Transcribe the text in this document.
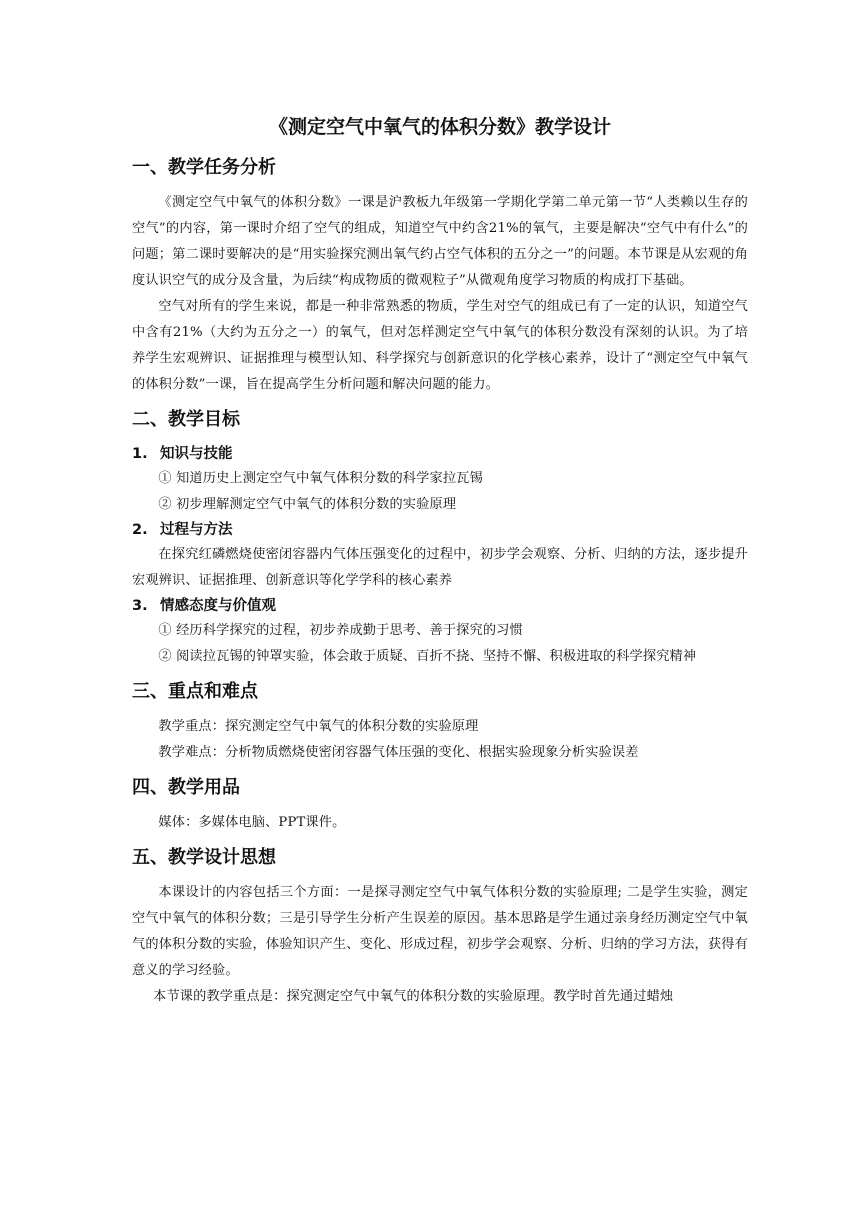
《测定空气中氧气的体积分数》教学设计
一、教学任务分析

《测定空气中氧气的体积分数》一课是沪教板九年级第一学期化学第二单元第一节“人类赖以生存的空气”的内容，第一课时介绍了空气的组成，知道空气中约含21%的氧气，主要是解决“空气中有什么”的问题；第二课时要解决的是“用实验探究测出氧气约占空气体积的五分之一”的问题。本节课是从宏观的角度认识空气的成分及含量，为后续“构成物质的微观粒子”从微观角度学习物质的构成打下基础。

空气对所有的学生来说，都是一种非常熟悉的物质，学生对空气的组成已有了一定的认识，知道空气中含有21%（大约为五分之一）的氧气，但对怎样测定空气中氧气的体积分数没有深刻的认识。为了培养学生宏观辨识、证据推理与模型认知、科学探究与创新意识的化学核心素养，设计了“测定空气中氧气的体积分数”一课，旨在提高学生分析问题和解决问题的能力。

二、教学目标
1. 知识与技能

① 知道历史上测定空气中氧气体积分数的科学家拉瓦锡

② 初步理解测定空气中氧气的体积分数的实验原理

2. 过程与方法

在探究红磷燃烧使密闭容器内气体压强变化的过程中，初步学会观察、分析、归纳的方法，逐步提升宏观辨识、证据推理、创新意识等化学学科的核心素养

3. 情感态度与价值观

① 经历科学探究的过程，初步养成勤于思考、善于探究的习惯

② 阅读拉瓦锡的钟罩实验，体会敢于质疑、百折不挠、坚持不懈、积极进取的科学探究精神

三、重点和难点

教学重点：探究测定空气中氧气的体积分数的实验原理

教学难点：分析物质燃烧使密闭容器气体压强的变化、根据实验现象分析实验误差

四、教学用品

媒体：多媒体电脑、PPT课件。

五、教学设计思想

本课设计的内容包括三个方面：一是探寻测定空气中氧气体积分数的实验原理; 二是学生实验，测定空气中氧气的体积分数；三是引导学生分析产生误差的原因。基本思路是学生通过亲身经历测定空气中氧气的体积分数的实验，体验知识产生、变化、形成过程，初步学会观察、分析、归纳的学习方法，获得有意义的学习经验。

本节课的教学重点是：探究测定空气中氧气的体积分数的实验原理。教学时首先通过蜡烛
